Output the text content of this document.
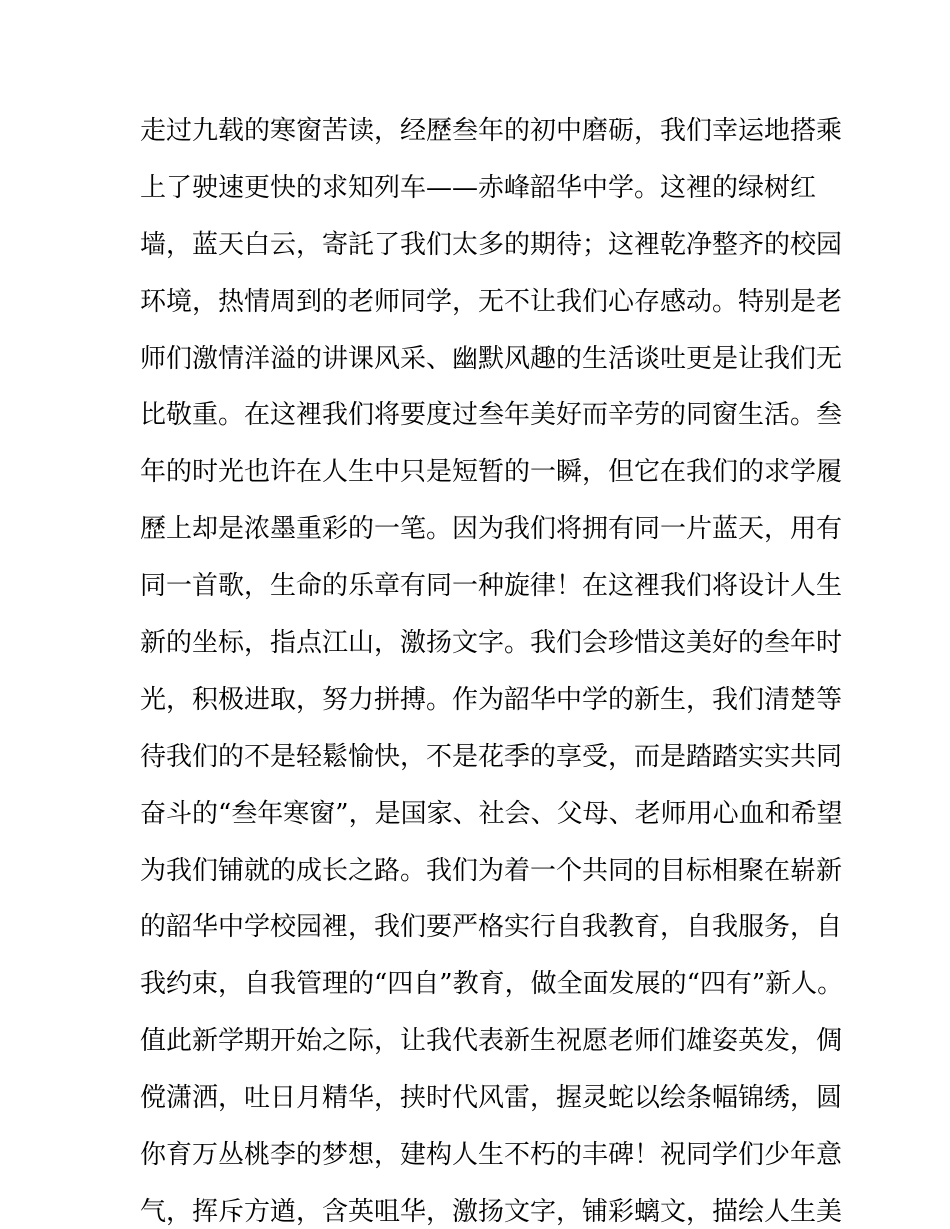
走过九载的寒窗苦读，经歷叁年的初中磨砺，我们幸运地搭乘
上了驶速更快的求知列车——赤峰韶华中学。这裡的绿树红
墙，蓝天白云，寄託了我们太多的期待；这裡乾净整齐的校园
环境，热情周到的老师同学，无不让我们心存感动。特别是老
师们激情洋溢的讲课风采、幽默风趣的生活谈吐更是让我们无
比敬重。在这裡我们将要度过叁年美好而辛劳的同窗生活。叁
年的时光也许在人生中只是短暂的一瞬，但它在我们的求学履
歷上却是浓墨重彩的一笔。因为我们将拥有同一片蓝天，用有
同一首歌，生命的乐章有同一种旋律！在这裡我们将设计人生
新的坐标，指点江山，激扬文字。我们会珍惜这美好的叁年时
光，积极进取，努力拼搏。作为韶华中学的新生，我们清楚等
待我们的不是轻鬆愉快，不是花季的享受，而是踏踏实实共同
奋斗的“叁年寒窗”，是国家、社会、父母、老师用心血和希望
为我们铺就的成长之路。我们为着一个共同的目标相聚在崭新
的韶华中学校园裡，我们要严格实行自我教育，自我服务，自
我约束，自我管理的“四自”教育，做全面发展的“四有”新人。
值此新学期开始之际，让我代表新生祝愿老师们雄姿英发，倜
傥潇洒，吐日月精华，挟时代风雷，握灵蛇以绘条幅锦绣，圆
你育万丛桃李的梦想，建构人生不朽的丰碑！祝同学们少年意
气，挥斥方遒，含英咀华，激扬文字，铺彩螭文，描绘人生美
